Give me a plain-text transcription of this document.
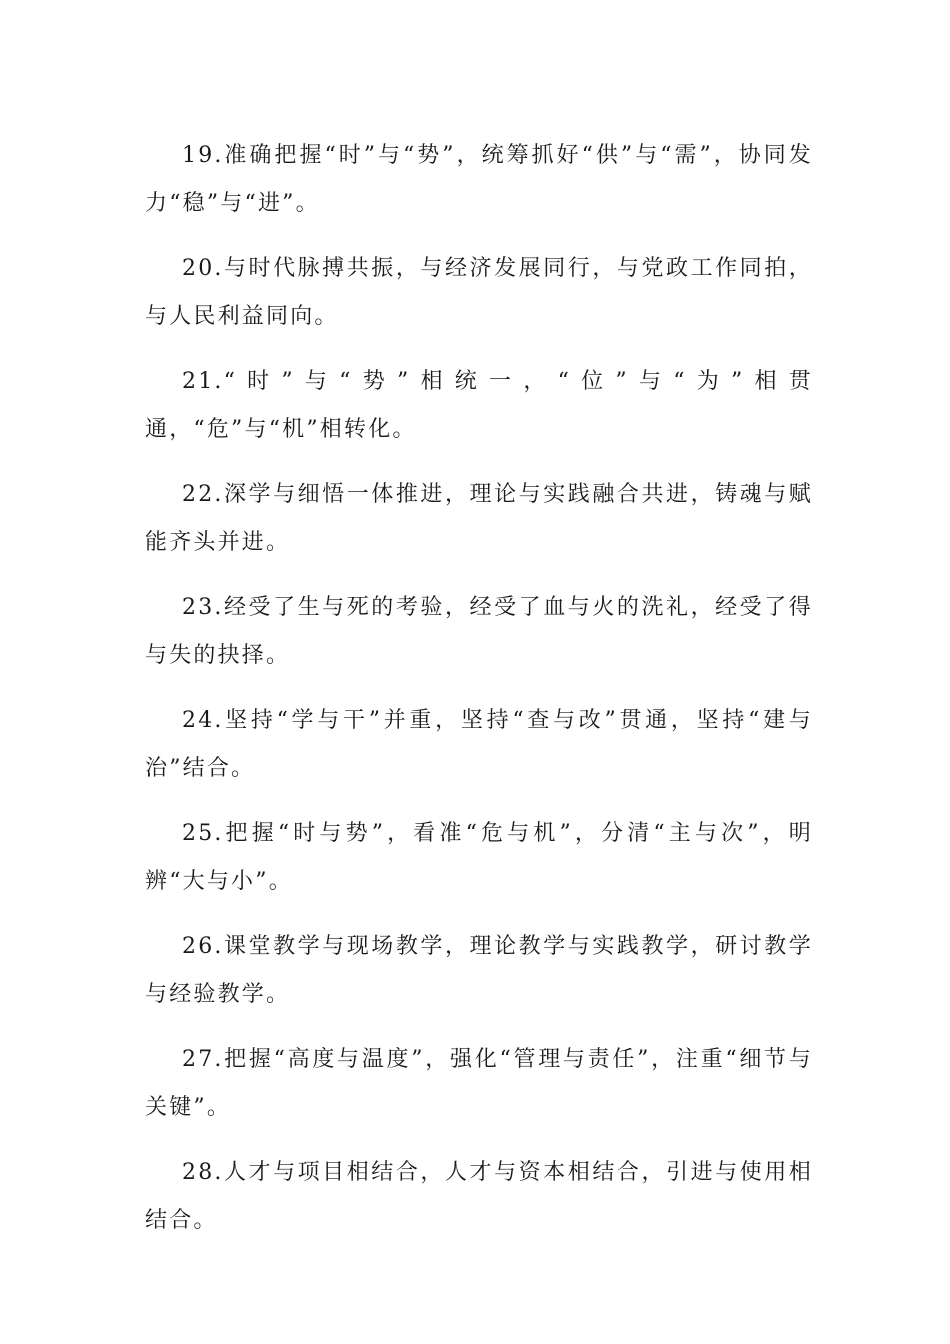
19.准确把握“时”与“势”，统筹抓好“供”与“需”，协同发力“稳”与“进”。

20.与时代脉搏共振，与经济发展同行，与党政工作同拍，与人民利益同向。

21.“时”与“势”相统一，“位”与“为”相贯通，“危”与“机”相转化。

22.深学与细悟一体推进，理论与实践融合共进，铸魂与赋能齐头并进。

23.经受了生与死的考验，经受了血与火的洗礼，经受了得与失的抉择。

24.坚持“学与干”并重，坚持“查与改”贯通，坚持“建与治”结合。

25.把握“时与势”，看准“危与机”，分清“主与次”，明辨“大与小”。

26.课堂教学与现场教学，理论教学与实践教学，研讨教学与经验教学。

27.把握“高度与温度”，强化“管理与责任”，注重“细节与关键”。

28.人才与项目相结合，人才与资本相结合，引进与使用相结合。
